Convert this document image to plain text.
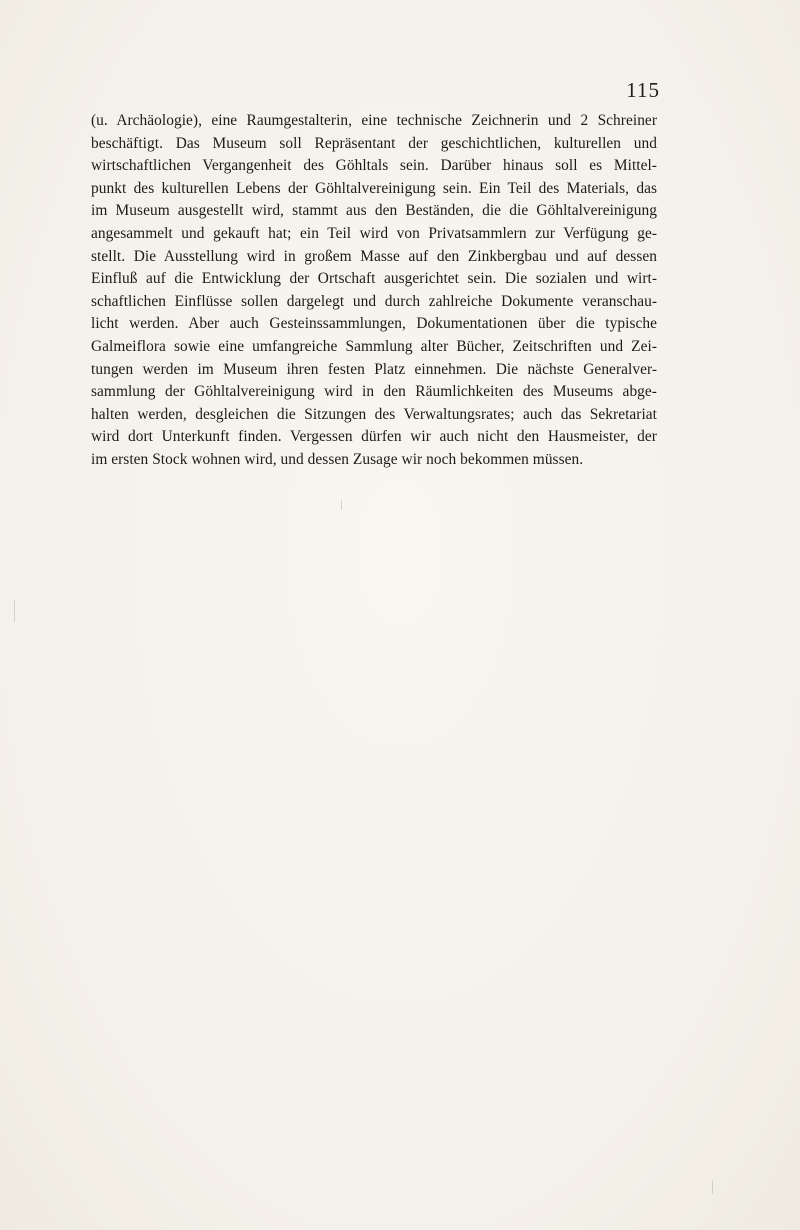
115
(u. Archäologie), eine Raumgestalterin, eine technische Zeichnerin und 2 Schreiner
beschäftigt. Das Museum soll Repräsentant der geschichtlichen, kulturellen und
wirtschaftlichen Vergangenheit des Göhltals sein. Darüber hinaus soll es Mittel-
punkt des kulturellen Lebens der Göhltalvereinigung sein. Ein Teil des Materials, das
im Museum ausgestellt wird, stammt aus den Beständen, die die Göhltalvereinigung
angesammelt und gekauft hat; ein Teil wird von Privatsammlern zur Verfügung ge-
stellt. Die Ausstellung wird in großem Masse auf den Zinkbergbau und auf dessen
Einfluß auf die Entwicklung der Ortschaft ausgerichtet sein. Die sozialen und wirt-
schaftlichen Einflüsse sollen dargelegt und durch zahlreiche Dokumente veranschau-
licht werden. Aber auch Gesteinssammlungen, Dokumentationen über die typische
Galmeiflora sowie eine umfangreiche Sammlung alter Bücher, Zeitschriften und Zei-
tungen werden im Museum ihren festen Platz einnehmen. Die nächste Generalver-
sammlung der Göhltalvereinigung wird in den Räumlichkeiten des Museums abge-
halten werden, desgleichen die Sitzungen des Verwaltungsrates; auch das Sekretariat
wird dort Unterkunft finden. Vergessen dürfen wir auch nicht den Hausmeister, der
im ersten Stock wohnen wird, und dessen Zusage wir noch bekommen müssen.
